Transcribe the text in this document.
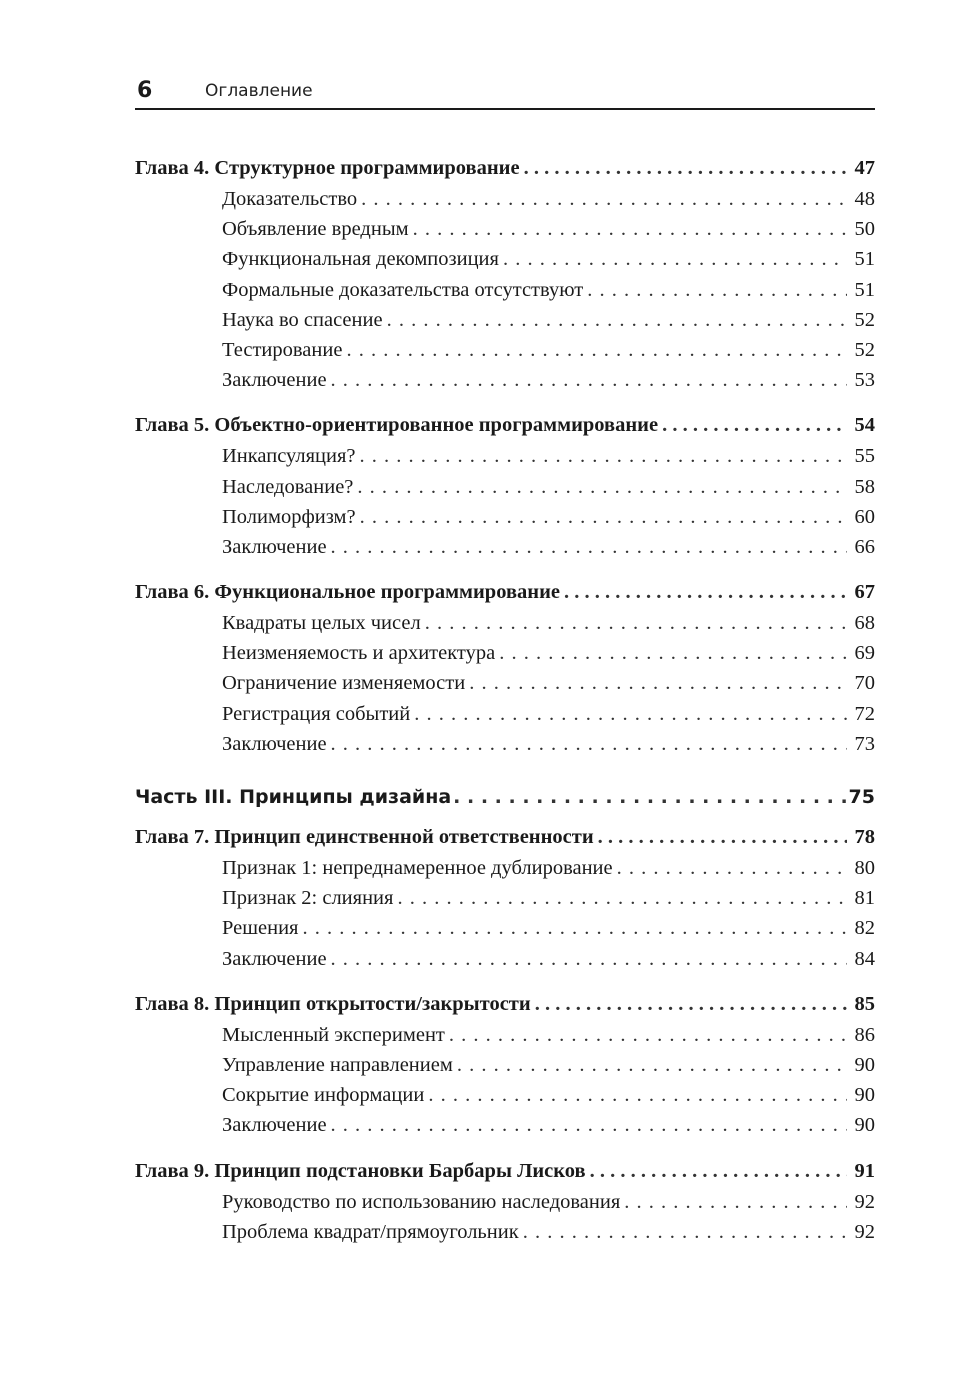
6	Оглавление
Глава 4. Структурное программирование . . .	47
Доказательство . . .	48
Объявление вредным . . .	50
Функциональная декомпозиция . . .	51
Формальные доказательства отсутствуют . . .	51
Наука во спасение . . .	52
Тестирование . . .	52
Заключение . . .	53
Глава 5. Объектно-ориентированное программирование . . .	54
Инкапсуляция? . . .	55
Наследование? . . .	58
Полиморфизм? . . .	60
Заключение . . .	66
Глава 6. Функциональное программирование . . .	67
Квадраты целых чисел . . .	68
Неизменяемость и архитектура . . .	69
Ограничение изменяемости . . .	70
Регистрация событий . . .	72
Заключение . . .	73
Часть III. Принципы дизайна . . .	75
Глава 7. Принцип единственной ответственности . . .	78
Признак 1: непреднамеренное дублирование . . .	80
Признак 2: слияния . . .	81
Решения . . .	82
Заключение . . .	84
Глава 8. Принцип открытости/закрытости . . .	85
Мысленный эксперимент . . .	86
Управление направлением . . .	90
Сокрытие информации . . .	90
Заключение . . .	90
Глава 9. Принцип подстановки Барбары Лисков . . .	91
Руководство по использованию наследования . . .	92
Проблема квадрат/прямоугольник . . .	92
